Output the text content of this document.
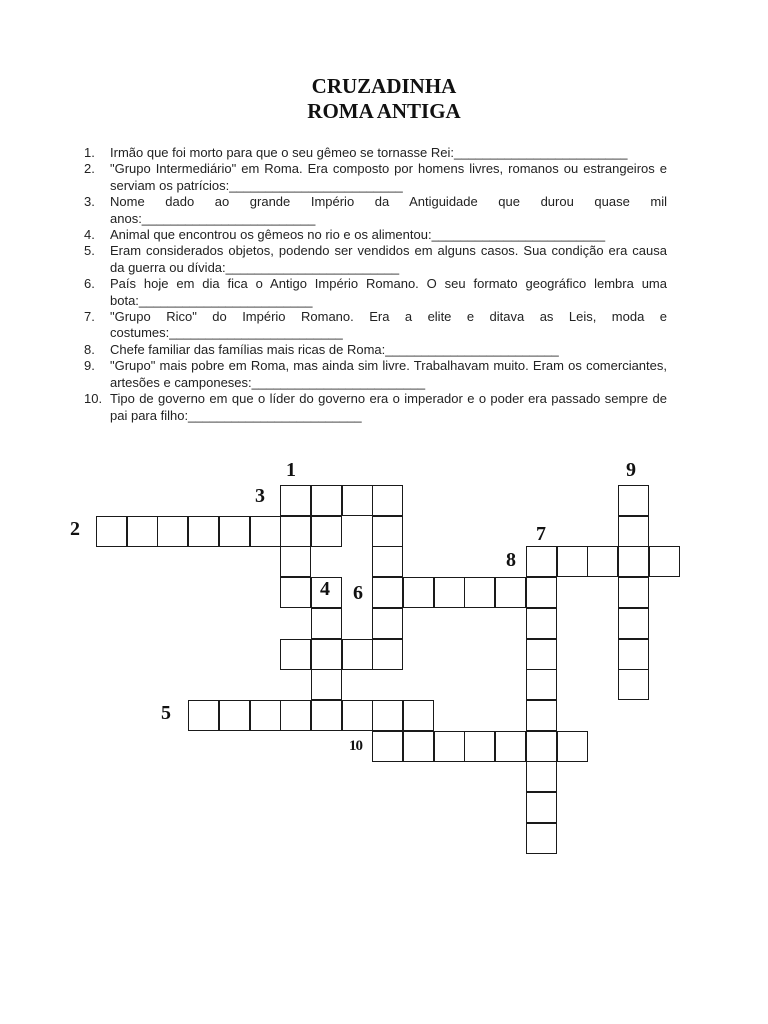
CRUZADINHA
ROMA ANTIGA
1.	Irmão que foi morto para que o seu gêmeo se tornasse Rei:________________________
2.	"Grupo Intermediário" em Roma. Era composto por homens livres, romanos ou estrangeiros e serviam os patrícios:________________________
3.	Nome dado ao grande Império da Antiguidade que durou quase mil anos:________________________
4.	Animal que encontrou os gêmeos no rio e os alimentou:________________________
5.	Eram considerados objetos, podendo ser vendidos em alguns casos. Sua condição era causa da guerra ou dívida:________________________
6.	País hoje em dia fica o Antigo Império Romano. O seu formato geográfico lembra uma bota:________________________
7.	"Grupo Rico" do Império Romano. Era a elite e ditava as Leis, moda e costumes:________________________
8.	Chefe familiar das famílias mais ricas de Roma:________________________
9.	"Grupo" mais pobre em Roma, mas ainda sim livre. Trabalhavam muito. Eram os comerciantes, artesões e camponeses:________________________
10. Tipo de governo em que o líder do governo era o imperador e o poder era passado sempre de pai para filho:________________________
1
2
3
4
5
6
7
8
9
10
